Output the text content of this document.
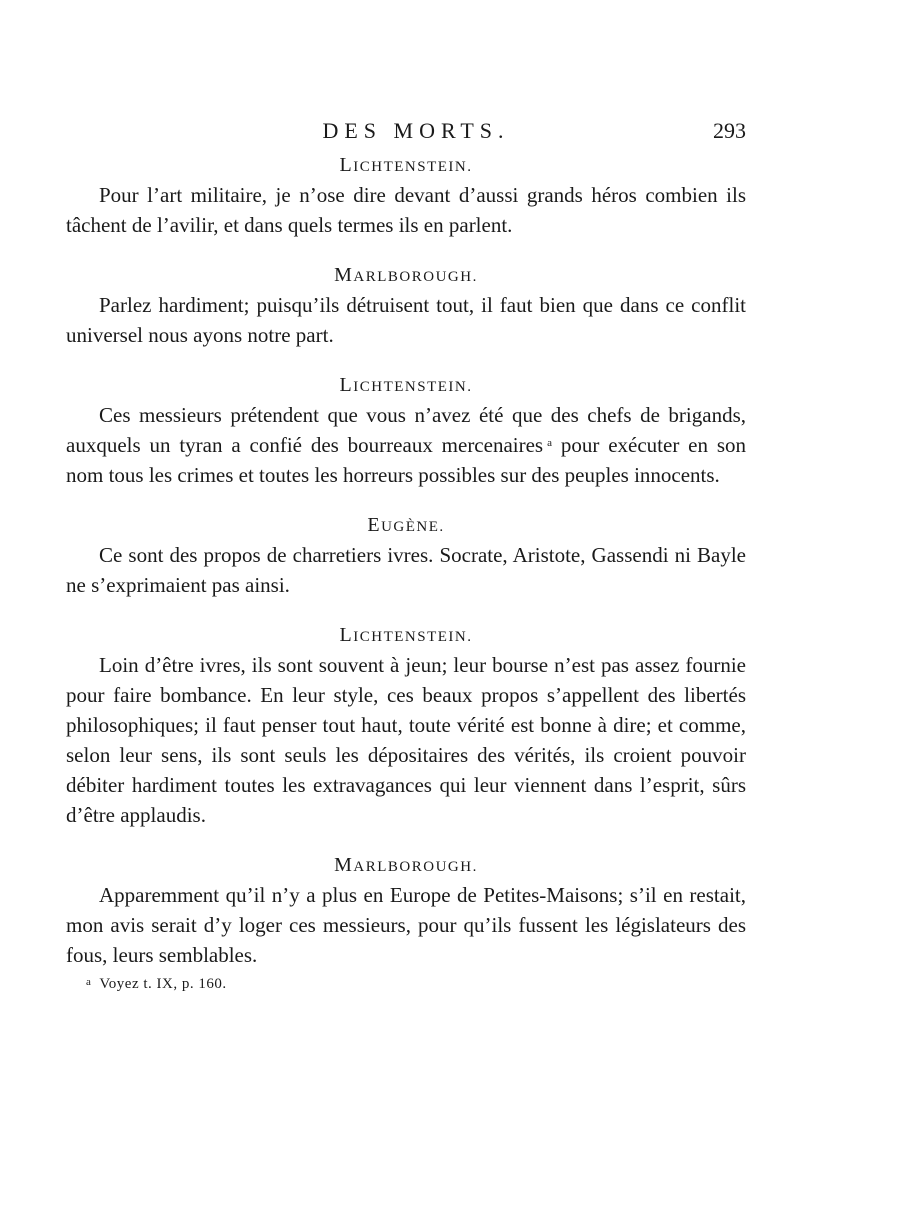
DES MORTS.	293

LICHTENSTEIN.

Pour l’art militaire, je n’ose dire devant d’aussi grands héros combien ils tâchent de l’avilir, et dans quels termes ils en parlent.

MARLBOROUGH.

Parlez hardiment; puisqu’ils détruisent tout, il faut bien que dans ce conflit universel nous ayons notre part.

LICHTENSTEIN.

Ces messieurs prétendent que vous n’avez été que des chefs de brigands, auxquels un tyran a confié des bourreaux mercenaires $^a$ pour exécuter en son nom tous les crimes et toutes les horreurs possibles sur des peuples innocents.

EUGÈNE.

Ce sont des propos de charretiers ivres. Socrate, Aristote, Gassendi ni Bayle ne s’exprimaient pas ainsi.

LICHTENSTEIN.

Loin d’être ivres, ils sont souvent à jeun; leur bourse n’est pas assez fournie pour faire bombance. En leur style, ces beaux propos s’appellent des libertés philosophiques; il faut penser tout haut, toute vérité est bonne à dire; et comme, selon leur sens, ils sont seuls les dépositaires des vérités, ils croient pouvoir débiter hardiment toutes les extravagances qui leur viennent dans l’esprit, sûrs d’être applaudis.

MARLBOROUGH.

Apparemment qu’il n’y a plus en Europe de Petites-Maisons; s’il en restait, mon avis serait d’y loger ces messieurs, pour qu’ils fussent les législateurs des fous, leurs semblables.

$^a$ Voyez t. IX, p. 160.
